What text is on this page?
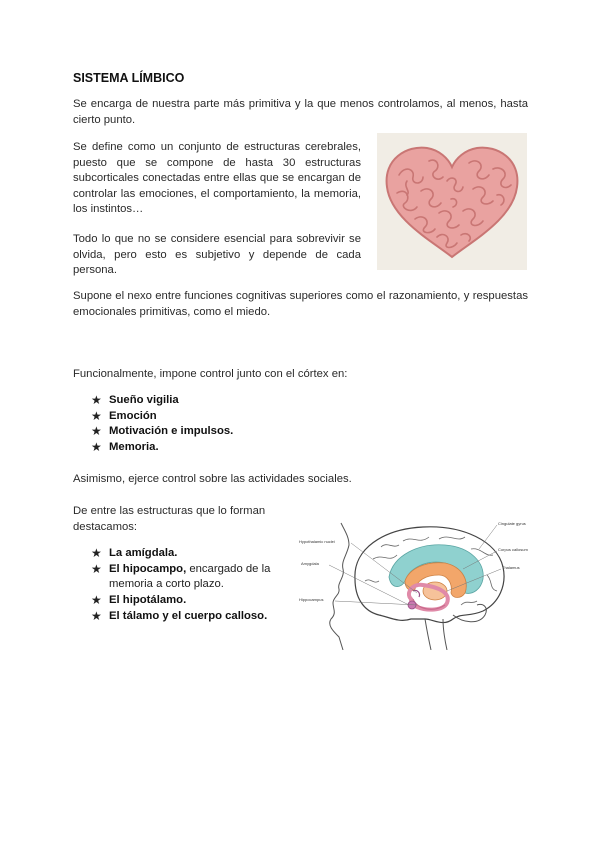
SISTEMA LÍMBICO

Se encarga de nuestra parte más primitiva y la que menos controlamos, al menos, hasta cierto punto.

Se define como un conjunto de estructuras cerebrales, puesto que se compone de hasta 30 estructuras subcorticales conectadas entre ellas que se encargan de controlar las emociones, el comportamiento, la memoria, los instintos…

Todo lo que no se considere esencial para sobrevivir se olvida, pero esto es subjetivo y depende de cada persona.

Supone el nexo entre funciones cognitivas superiores como el razonamiento, y respuestas emocionales primitivas, como el miedo.

Funcionalmente, impone control junto con el córtex en:

★ Sueño vigilia
★ Emoción
★ Motivación e impulsos.
★ Memoria.

Asimismo, ejerce control sobre las actividades sociales.

De entre las estructuras que lo forman destacamos:

★ La amígdala.
★ El hipocampo, encargado de la memoria a corto plazo.
★ El hipotálamo.
★ El tálamo y el cuerpo calloso.
Hypothalamic nuclei
Amygdala
Hippocampus
Cingulate gyrus
Corpus callosum
Thalamus
